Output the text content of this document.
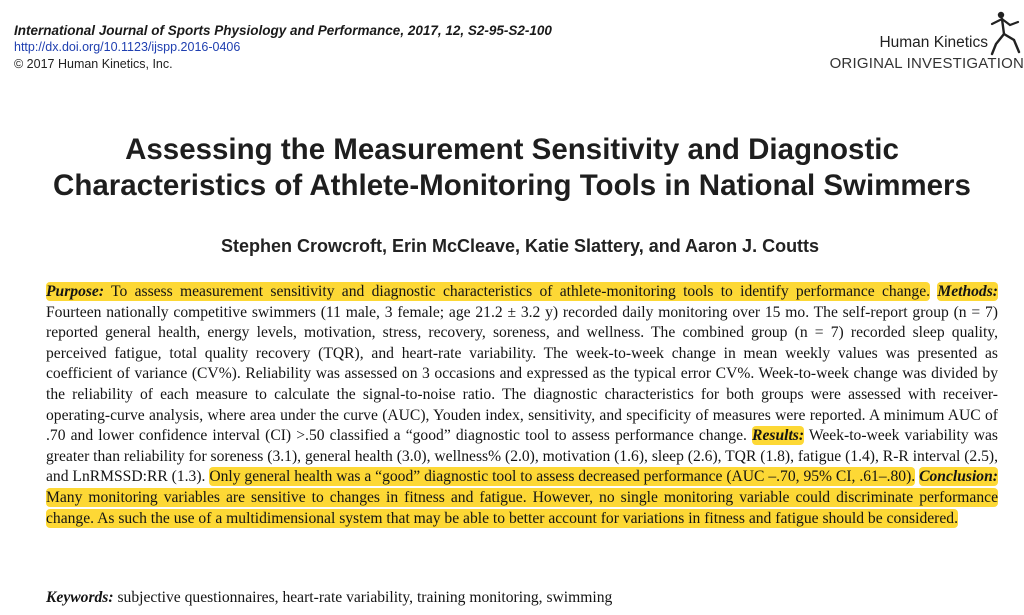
International Journal of Sports Physiology and Performance, 2017, 12, S2-95-S2-100
http://dx.doi.org/10.1123/ijspp.2016-0406
© 2017 Human Kinetics, Inc.
Human Kinetics
ORIGINAL INVESTIGATION
Assessing the Measurement Sensitivity and Diagnostic
Characteristics of Athlete-Monitoring Tools in National Swimmers
Stephen Crowcroft, Erin McCleave, Katie Slattery, and Aaron J. Coutts
Purpose: To assess measurement sensitivity and diagnostic characteristics of athlete-monitoring tools to identify performance change. Methods: Fourteen nationally competitive swimmers (11 male, 3 female; age 21.2 ± 3.2 y) recorded daily monitoring over 15 mo. The self-report group (n = 7) reported general health, energy levels, motivation, stress, recovery, soreness, and wellness. The combined group (n = 7) recorded sleep quality, perceived fatigue, total quality recovery (TQR), and heart-rate variability. The week-to-week change in mean weekly values was presented as coefficient of variance (CV%). Reliability was assessed on 3 occasions and expressed as the typical error CV%. Week-to-week change was divided by the reliability of each measure to calculate the signal-to-noise ratio. The diagnostic characteristics for both groups were assessed with receiver-operating-curve analysis, where area under the curve (AUC), Youden index, sensitivity, and specificity of measures were reported. A minimum AUC of .70 and lower confidence interval (CI) >.50 classified a “good” diagnostic tool to assess performance change. Results: Week-to-week variability was greater than reliability for soreness (3.1), general health (3.0), wellness% (2.0), motivation (1.6), sleep (2.6), TQR (1.8), fatigue (1.4), R-R interval (2.5), and LnRMSSD:RR (1.3). Only general health was a “good” diagnostic tool to assess decreased performance (AUC –.70, 95% CI, .61–.80). Conclusion: Many monitoring variables are sensitive to changes in fitness and fatigue. However, no single monitoring variable could discriminate performance change. As such the use of a multidimensional system that may be able to better account for variations in fitness and fatigue should be considered.
Keywords: subjective questionnaires, heart-rate variability, training monitoring, swimming
